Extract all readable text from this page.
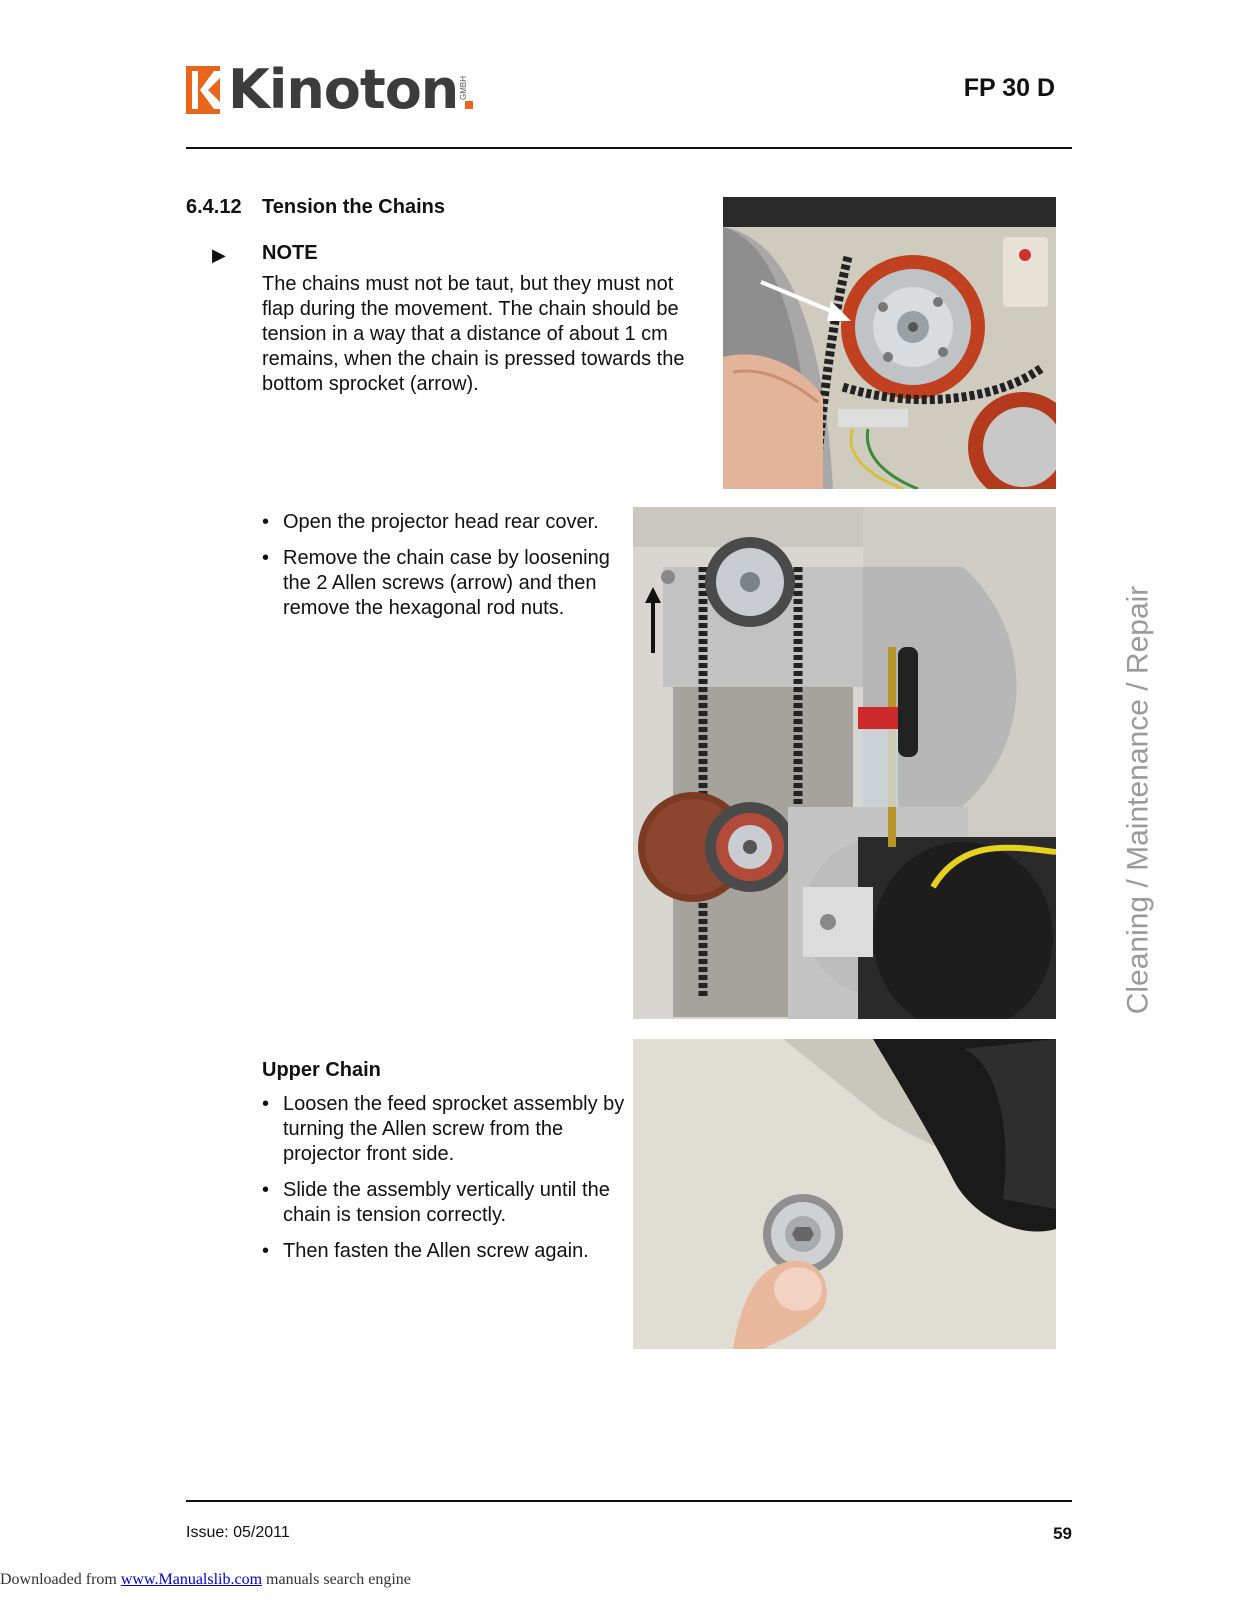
Kinoton GMBH	FP 30 D
6.4.12 Tension the Chains
▶ NOTE
The chains must not be taut, but they must not
flap during the movement. The chain should be
tension in a way that a distance of about 1 cm
remains, when the chain is pressed towards the
bottom sprocket (arrow).
• Open the projector head rear cover.
• Remove the chain case by loosening the 2 Allen screws (arrow) and then remove the hexagonal rod nuts.
Upper Chain
• Loosen the feed sprocket assembly by turning the Allen screw from the projector front side.
• Slide the assembly vertically until the chain is tension correctly.
• Then fasten the Allen screw again.
Cleaning / Maintenance / Repair
Issue: 05/2011	59
Downloaded from www.Manualslib.com manuals search engine
